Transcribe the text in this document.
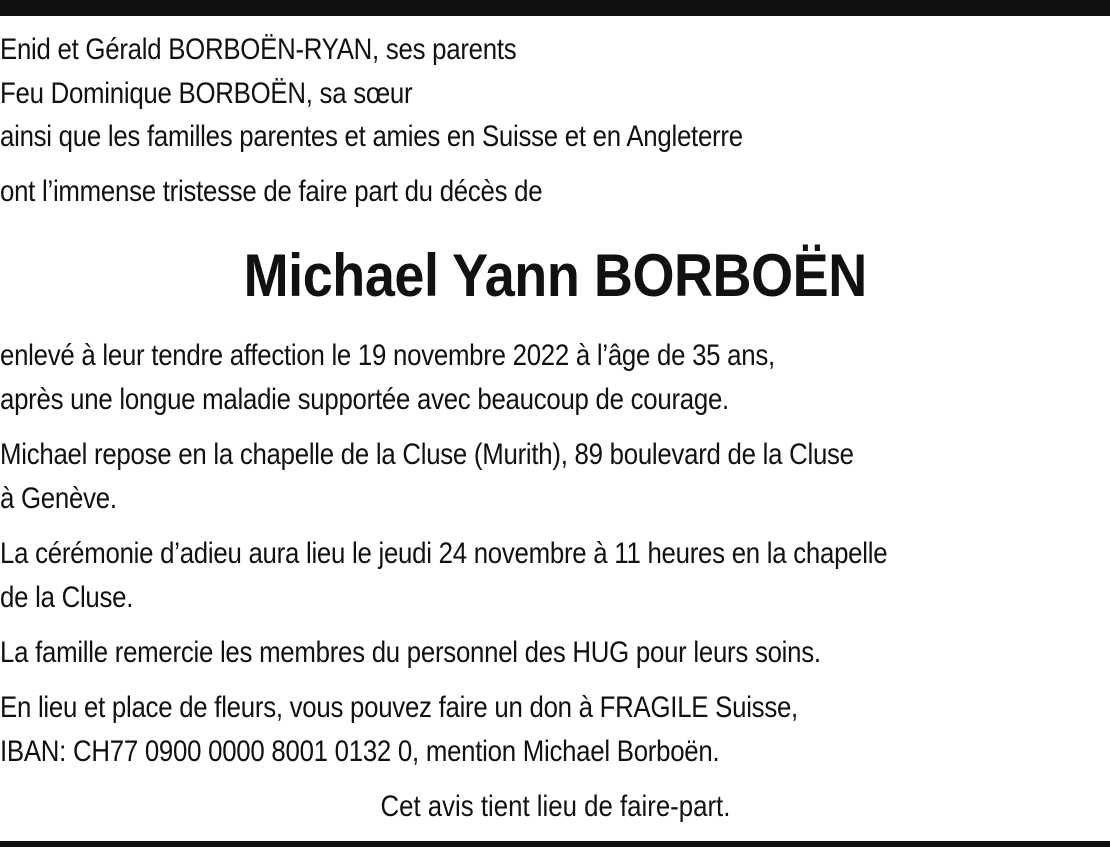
Enid et Gérald BORBOËN-RYAN, ses parents
Feu Dominique BORBOËN, sa sœur
ainsi que les familles parentes et amies en Suisse et en Angleterre
ont l’immense tristesse de faire part du décès de
Michael Yann BORBOËN
enlevé à leur tendre affection le 19 novembre 2022 à l’âge de 35 ans,
après une longue maladie supportée avec beaucoup de courage.
Michael repose en la chapelle de la Cluse (Murith), 89 boulevard de la Cluse
à Genève.
La cérémonie d’adieu aura lieu le jeudi 24 novembre à 11 heures en la chapelle
de la Cluse.
La famille remercie les membres du personnel des HUG pour leurs soins.
En lieu et place de fleurs, vous pouvez faire un don à FRAGILE Suisse,
IBAN: CH77 0900 0000 8001 0132 0, mention Michael Borboën.
Cet avis tient lieu de faire-part.
